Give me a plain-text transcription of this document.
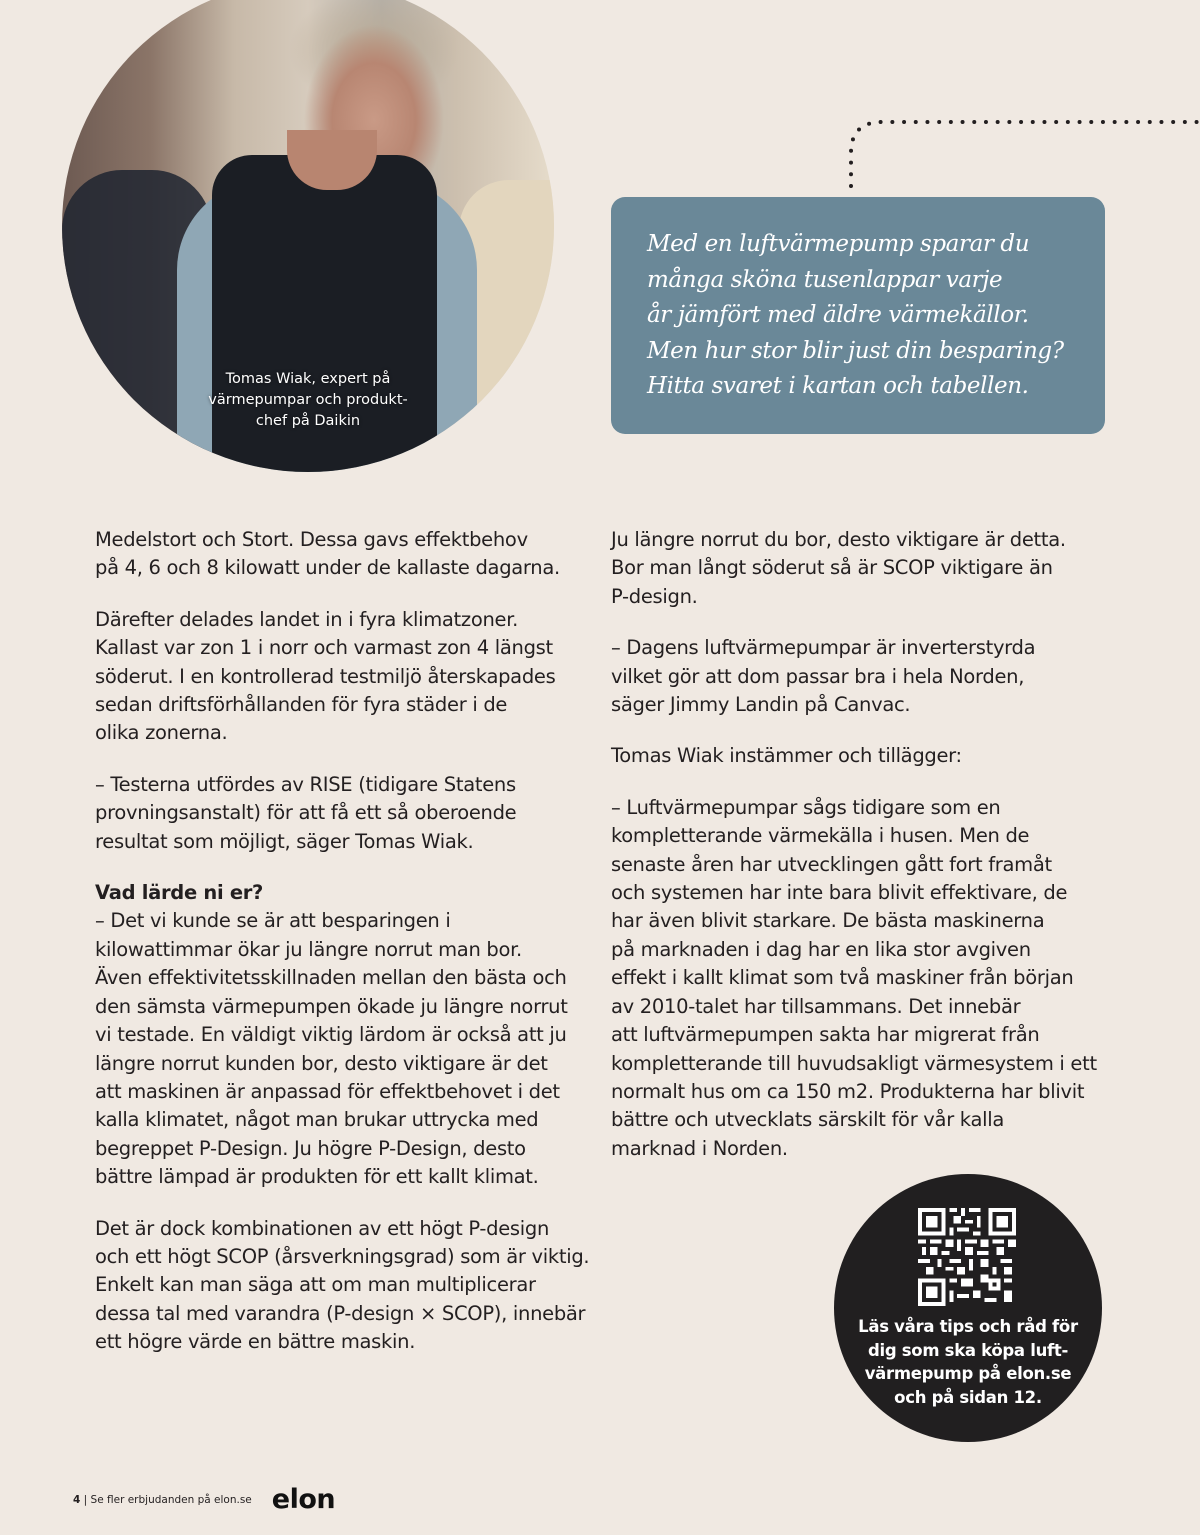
Tomas Wiak, expert på
värmepumpar och produkt-
chef på Daikin

Med en luftvärmepump sparar du

många sköna tusenlappar varje

år jämfört med äldre värmekällor.

Men hur stor blir just din besparing?

Hitta svaret i kartan och tabellen.

Medelstort och Stort. Dessa gavs effektbehov
på 4, 6 och 8 kilowatt under de kallaste dagarna.

Därefter delades landet in i fyra klimatzoner.
Kallast var zon 1 i norr och varmast zon 4 längst
söderut. I en kontrollerad testmiljö återskapades
sedan driftsförhållanden för fyra städer i de
olika zonerna.

– Testerna utfördes av RISE (tidigare Statens
provningsanstalt) för att få ett så oberoende
resultat som möjligt, säger Tomas Wiak.

Vad lärde ni er?
– Det vi kunde se är att besparingen i
kilowattimmar ökar ju längre norrut man bor.
Även effektivitetsskillnaden mellan den bästa och
den sämsta värmepumpen ökade ju längre norrut
vi testade. En väldigt viktig lärdom är också att ju
längre norrut kunden bor, desto viktigare är det
att maskinen är anpassad för effektbehovet i det
kalla klimatet, något man brukar uttrycka med
begreppet P-Design. Ju högre P-Design, desto
bättre lämpad är produkten för ett kallt klimat.

Det är dock kombinationen av ett högt P-design
och ett högt SCOP (årsverkningsgrad) som är viktig.
Enkelt kan man säga att om man multiplicerar
dessa tal med varandra (P-design × SCOP), innebär
ett högre värde en bättre maskin.

Ju längre norrut du bor, desto viktigare är detta.
Bor man långt söderut så är SCOP viktigare än
P-design.

– Dagens luftvärmepumpar är inverterstyrda
vilket gör att dom passar bra i hela Norden,
säger Jimmy Landin på Canvac.

Tomas Wiak instämmer och tillägger:

– Luftvärmepumpar sågs tidigare som en
kompletterande värmekälla i husen. Men de
senaste åren har utvecklingen gått fort framåt
och systemen har inte bara blivit effektivare, de
har även blivit starkare. De bästa maskinerna
på marknaden i dag har en lika stor avgiven
effekt i kallt klimat som två maskiner från början
av 2010-talet har tillsammans. Det innebär
att luftvärmepumpen sakta har migrerat från
kompletterande till huvudsakligt värmesystem i ett
normalt hus om ca 150 m2. Produkterna har blivit
bättre och utvecklats särskilt för vår kalla
marknad i Norden.

Läs våra tips och råd för
dig som ska köpa luft-
värmepump på elon.se
och på sidan 12.
4 | Se fler erbjudanden på elon.se elon
